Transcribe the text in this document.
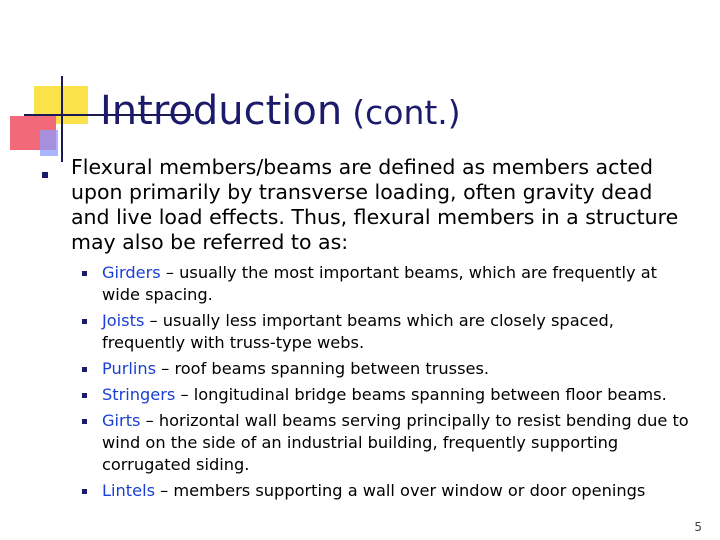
Introduction (cont.)
Flexural members/beams are defined as members acted upon primarily by transverse loading, often gravity dead and live load effects. Thus, flexural members in a structure may also be referred to as:
Girders – usually the most important beams, which are frequently at wide spacing.
Joists – usually less important beams which are closely spaced, frequently with truss-type webs.
Purlins – roof beams spanning between trusses.
Stringers – longitudinal bridge beams spanning between floor beams.
Girts – horizontal wall beams serving principally to resist bending due to wind on the side of an industrial building, frequently supporting corrugated siding.
Lintels – members supporting a wall over window or door openings
5
